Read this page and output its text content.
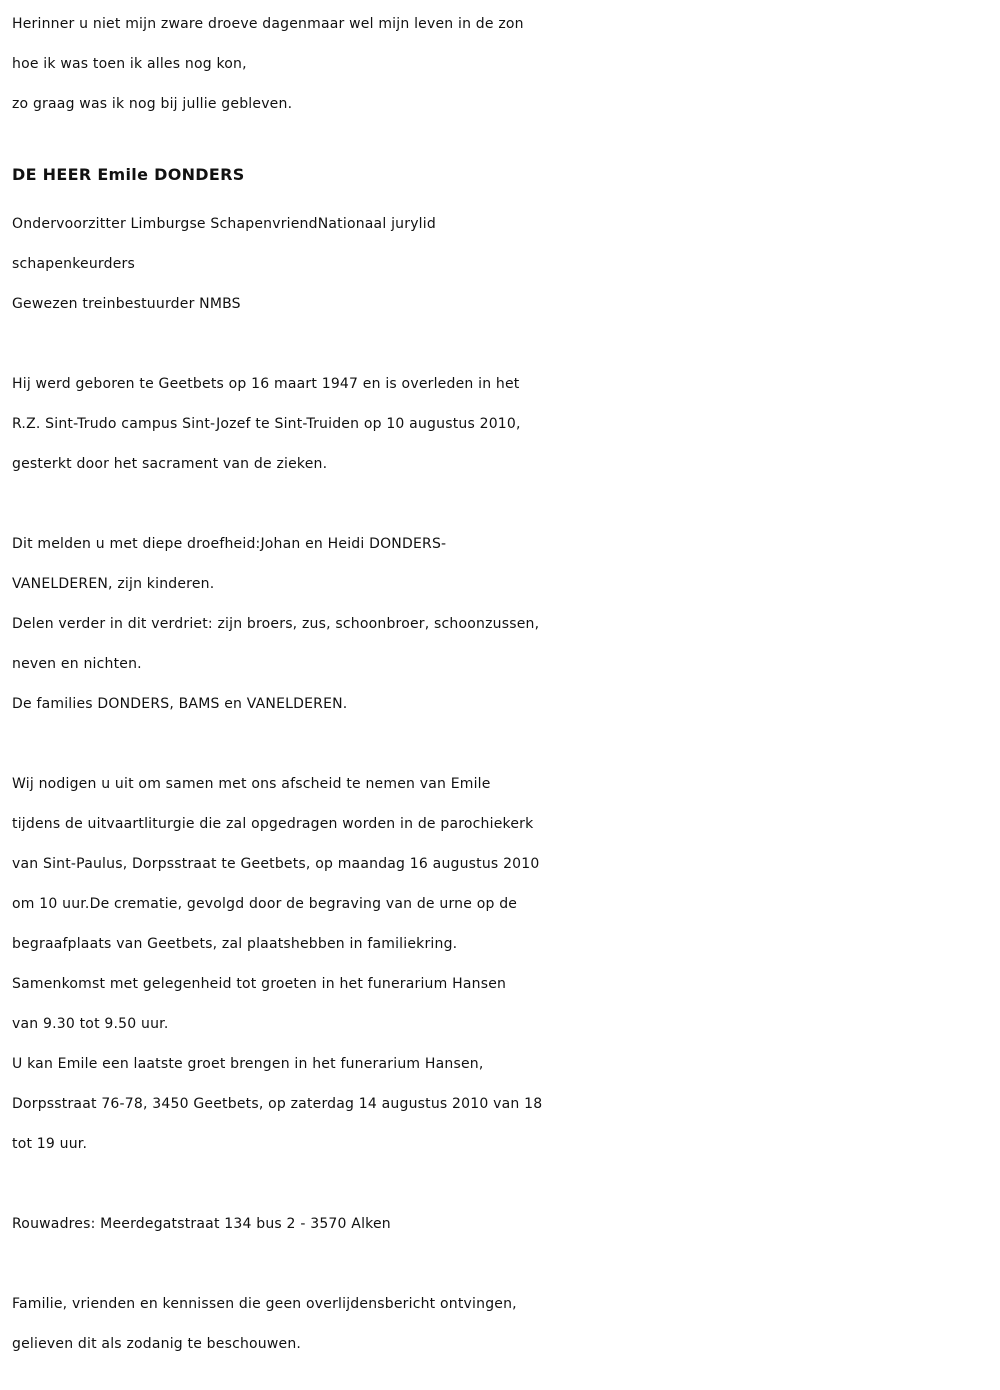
Herinner u niet mijn zware droeve dagenmaar wel mijn leven in de zon
hoe ik was toen ik alles nog kon,
zo graag was ik nog bij jullie gebleven.
DE HEER Emile DONDERS
Ondervoorzitter Limburgse SchapenvriendNationaal jurylid
schapenkeurders
Gewezen treinbestuurder NMBS
Hij werd geboren te Geetbets op 16 maart 1947 en is overleden in het
R.Z. Sint-Trudo campus Sint-Jozef te Sint-Truiden op 10 augustus 2010,
gesterkt door het sacrament van de zieken.
Dit melden u met diepe droefheid:Johan en Heidi DONDERS-
VANELDEREN, zijn kinderen.
Delen verder in dit verdriet: zijn broers, zus, schoonbroer, schoonzussen,
neven en nichten.
De families DONDERS, BAMS en VANELDEREN.
Wij nodigen u uit om samen met ons afscheid te nemen van Emile
tijdens de uitvaartliturgie die zal opgedragen worden in de parochiekerk
van Sint-Paulus, Dorpsstraat te Geetbets, op maandag 16 augustus 2010
om 10 uur.De crematie, gevolgd door de begraving van de urne op de
begraafplaats van Geetbets, zal plaatshebben in familiekring.
Samenkomst met gelegenheid tot groeten in het funerarium Hansen
van 9.30 tot 9.50 uur.
U kan Emile een laatste groet brengen in het funerarium Hansen,
Dorpsstraat 76-78, 3450 Geetbets, op zaterdag 14 augustus 2010 van 18
tot 19 uur.
Rouwadres: Meerdegatstraat 134 bus 2 - 3570 Alken
Familie, vrienden en kennissen die geen overlijdensbericht ontvingen,
gelieven dit als zodanig te beschouwen.
